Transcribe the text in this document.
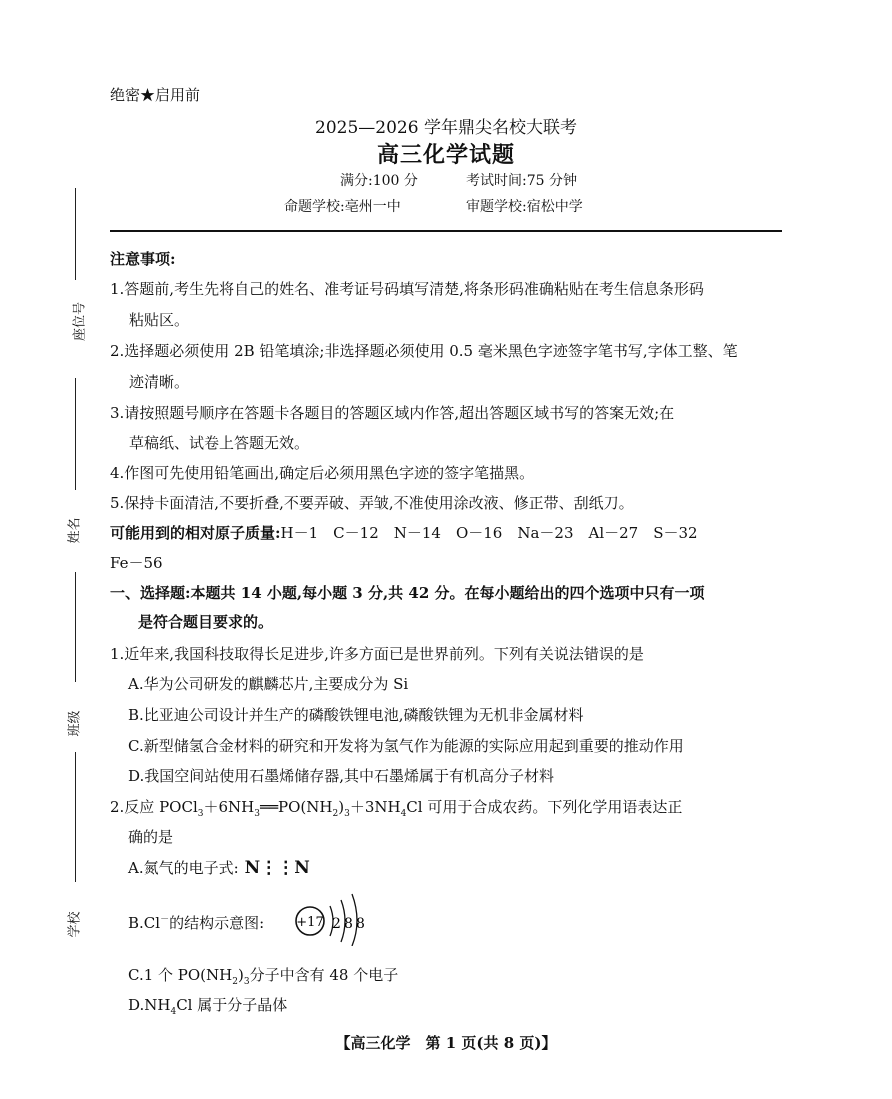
座位号
姓名
班级
学校
绝密★启用前
2025—2026 学年鼎尖名校大联考
高三化学试题
满分:100 分	考试时间:75 分钟
命题学校:亳州一中	审题学校:宿松中学
注意事项:
1.答题前,考生先将自己的姓名、准考证号码填写清楚,将条形码准确粘贴在考生信息条形码
粘贴区。
2.选择题必须使用 2B 铅笔填涂;非选择题必须使用 0.5 毫米黑色字迹签字笔书写,字体工整、笔
迹清晰。
3.请按照题号顺序在答题卡各题目的答题区域内作答,超出答题区域书写的答案无效;在
草稿纸、试卷上答题无效。
4.作图可先使用铅笔画出,确定后必须用黑色字迹的签字笔描黑。
5.保持卡面清洁,不要折叠,不要弄破、弄皱,不准使用涂改液、修正带、刮纸刀。
可能用到的相对原子质量:H－1　C－12　N－14　O－16　Na－23　Al－27　S－32
Fe－56
一、选择题:本题共 14 小题,每小题 3 分,共 42 分。在每小题给出的四个选项中只有一项
是符合题目要求的。
1.近年来,我国科技取得长足进步,许多方面已是世界前列。下列有关说法错误的是
A.华为公司研发的麒麟芯片,主要成分为 Si
B.比亚迪公司设计并生产的磷酸铁锂电池,磷酸铁锂为无机非金属材料
C.新型储氢合金材料的研究和开发将为氢气作为能源的实际应用起到重要的推动作用
D.我国空间站使用石墨烯储存器,其中石墨烯属于有机高分子材料
2.反应 $POCl_3+6NH_3══PO(NH_2)_3+3NH_4Cl$ 可用于合成农药。下列化学用语表达正
确的是
A.氮气的电子式: N⋮⋮N
B.Cl－的结构示意图: +17 2 8 8
C.1 个 $PO(NH_2)_3$分子中含有 48 个电子
$D.NH_4Cl$ 属于分子晶体
【高三化学　第 1 页(共 8 页)】
